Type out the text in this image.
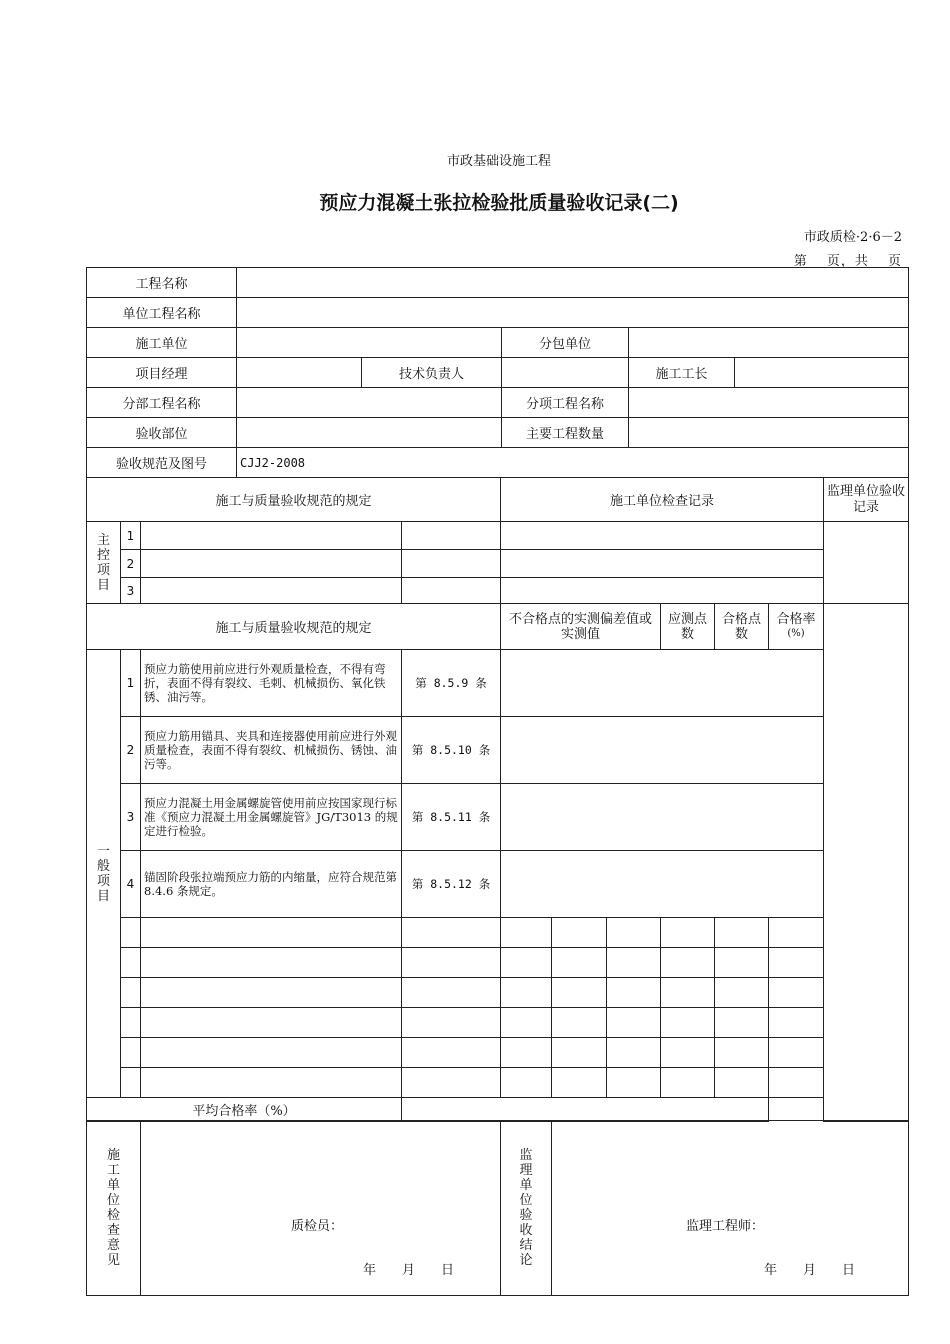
市政基础设施工程
预应力混凝土张拉检验批质量验收记录(二)
市政质检·2·6－2
第　 页，共　 页
工程名称					
单位工程名称					
施工单位			分包单位		
项目经理		技术负责人		施工工长	
分部工程名称			分项工程名称		
验收部位			主要工程数量		
验收规范及图号	CJJ2-2008				
施工与质量验收规范的规定				施工单位检查记录						监理单位验收记录

主
控
项
目	1									
	2									
	3									
施工与质量验收规范的规定				不合格点的实测偏差值或实测值			应测点数	合格点数	合格率
(%)	

一
般
项
目	1	预应力筋使用前应进行外观质量检查，不得有弯折，表面不得有裂纹、毛刺、机械损伤、氧化铁锈、油污等。	第 8.5.9 条							
	2	预应力筋用锚具、夹具和连接器使用前应进行外观质量检查，表面不得有裂纹、机械损伤、锈蚀、油污等。	第 8.5.10 条							
	3	预应力混凝土用金属螺旋管使用前应按国家现行标准《预应力混凝土用金属螺旋管》JG/T3013 的规定进行检验。	第 8.5.11 条							
	4	锚固阶段张拉端预应力筋的内缩量，应符合规范第 8.4.6 条规定。	第 8.5.12 条							

平均合格率（%）										
施
工
单
位
检
查
意
见

质检员：
年　　月　　日

监
理
单
位
验
收
结
论

监理工程师：
年　　月　　日
